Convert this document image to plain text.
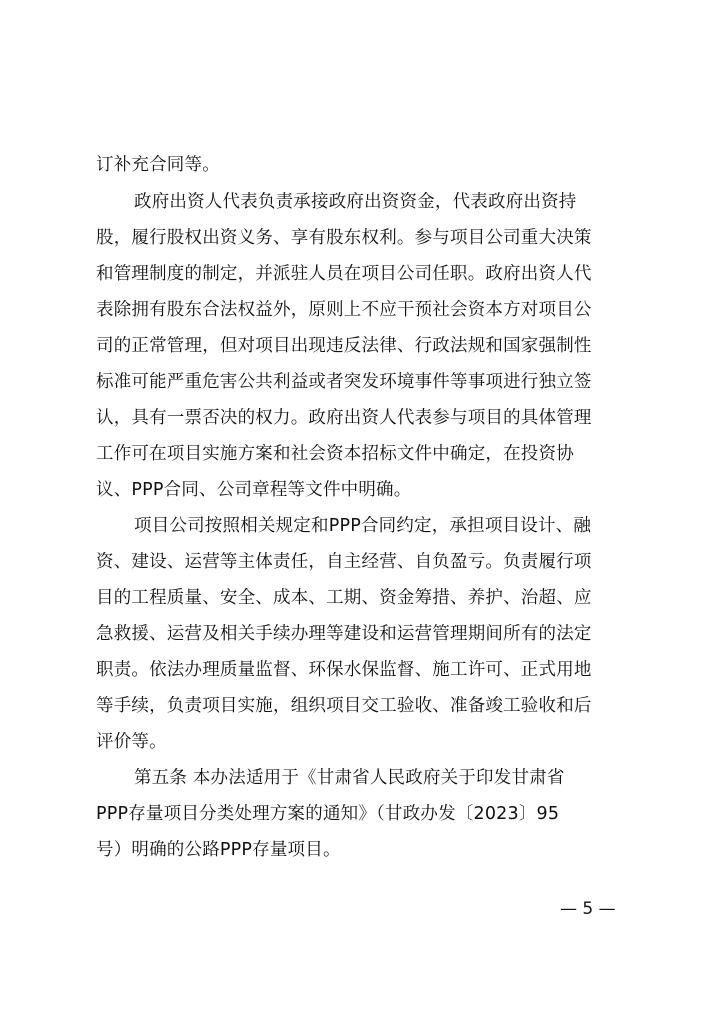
订补充合同等。
政府出资人代表负责承接政府出资资金，代表政府出资持
股，履行股权出资义务、享有股东权利。参与项目公司重大决策
和管理制度的制定，并派驻人员在项目公司任职。政府出资人代
表除拥有股东合法权益外，原则上不应干预社会资本方对项目公
司的正常管理，但对项目出现违反法律、行政法规和国家强制性
标准可能严重危害公共利益或者突发环境事件等事项进行独立签
认，具有一票否决的权力。政府出资人代表参与项目的具体管理
工作可在项目实施方案和社会资本招标文件中确定，在投资协
议、PPP合同、公司章程等文件中明确。
项目公司按照相关规定和PPP合同约定，承担项目设计、融
资、建设、运营等主体责任，自主经营、自负盈亏。负责履行项
目的工程质量、安全、成本、工期、资金筹措、养护、治超、应
急救援、运营及相关手续办理等建设和运营管理期间所有的法定
职责。依法办理质量监督、环保水保监督、施工许可、正式用地
等手续，负责项目实施，组织项目交工验收、准备竣工验收和后
评价等。
第五条 本办法适用于《甘肃省人民政府关于印发甘肃省
PPP存量项目分类处理方案的通知》（甘政办发〔2023〕95
号）明确的公路PPP存量项目。
— 5 —
